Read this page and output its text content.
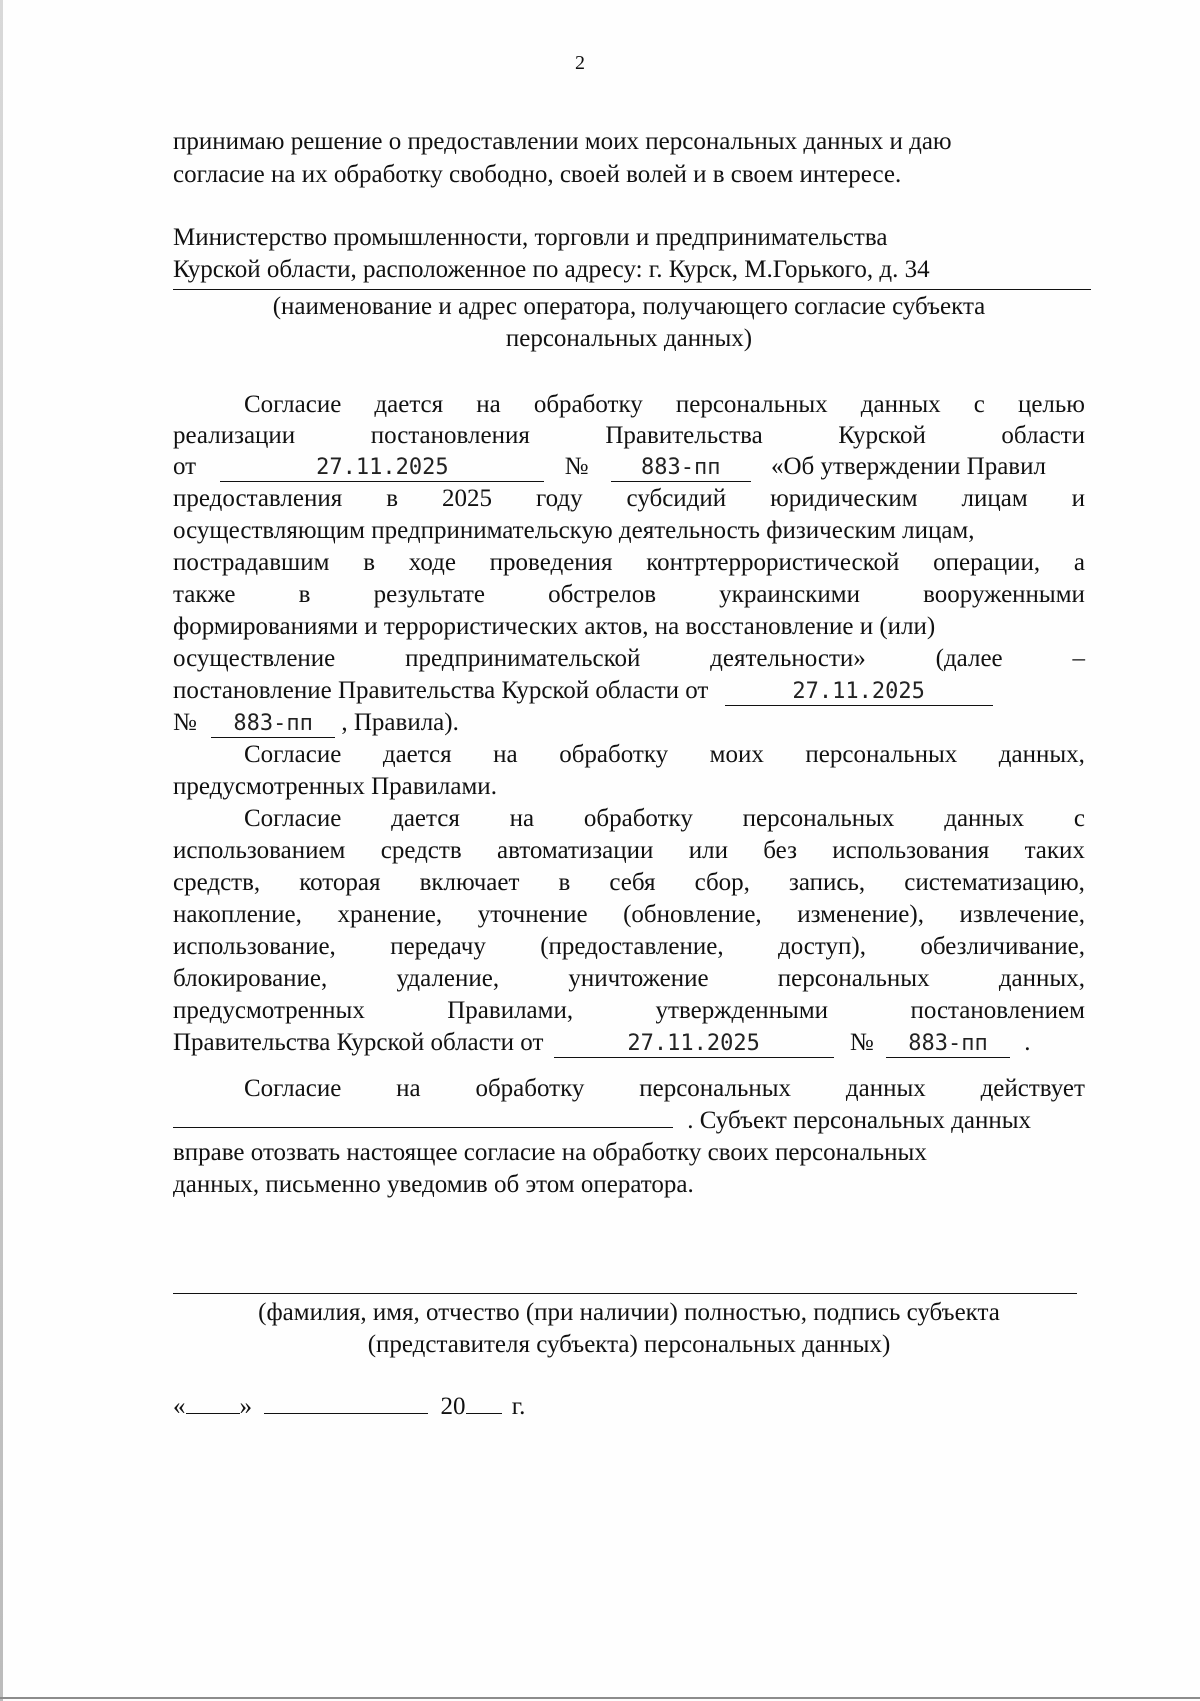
2
принимаю решение о предоставлении моих персональных данных и даю
согласие на их обработку свободно, своей волей и в своем интересе.
Министерство промышленности, торговли и предпринимательства
Курской области, расположенное по адресу: г. Курск, М.Горького, д. 34
(наименование и адрес оператора, получающего согласие субъекта
персональных данных)
Согласие дается на обработку персональных данных с целью
реализации	постановления	Правительства	Курской	области
от	27.11.2025	№ 883-пп «Об утверждении Правил
предоставления в 2025 году субсидий юридическим лицам и
осуществляющим предпринимательскую деятельность физическим лицам,
пострадавшим в ходе проведения контртеррористической операции, а
также	в	результате	обстрелов	украинскими	вооруженными
формированиями и террористических актов, на восстановление и (или)
осуществление	предпринимательской	деятельности»	(далее	–
постановление Правительства Курской области от	27.11.2025
№ 883-пп , Правила).
Согласие дается на обработку моих персональных данных,
предусмотренных Правилами.
Согласие дается на обработку персональных данных с
использованием средств автоматизации или без использования таких
средств, которая включает в себя сбор, запись, систематизацию,
накопление, хранение, уточнение (обновление, изменение), извлечение,
использование, передачу (предоставление, доступ), обезличивание,
блокирование,	удаление,	уничтожение	персональных	данных,
предусмотренных	Правилами,	утвержденными	постановлением
Правительства Курской области от	27.11.2025	№ 883-пп .
Согласие на обработку персональных данных действует
. Субъект персональных данных
вправе отозвать настоящее согласие на обработку своих персональных
данных, письменно уведомив об этом оператора.
(фамилия, имя, отчество (при наличии) полностью, подпись субъекта
(представителя субъекта) персональных данных)
« »	20 г.
